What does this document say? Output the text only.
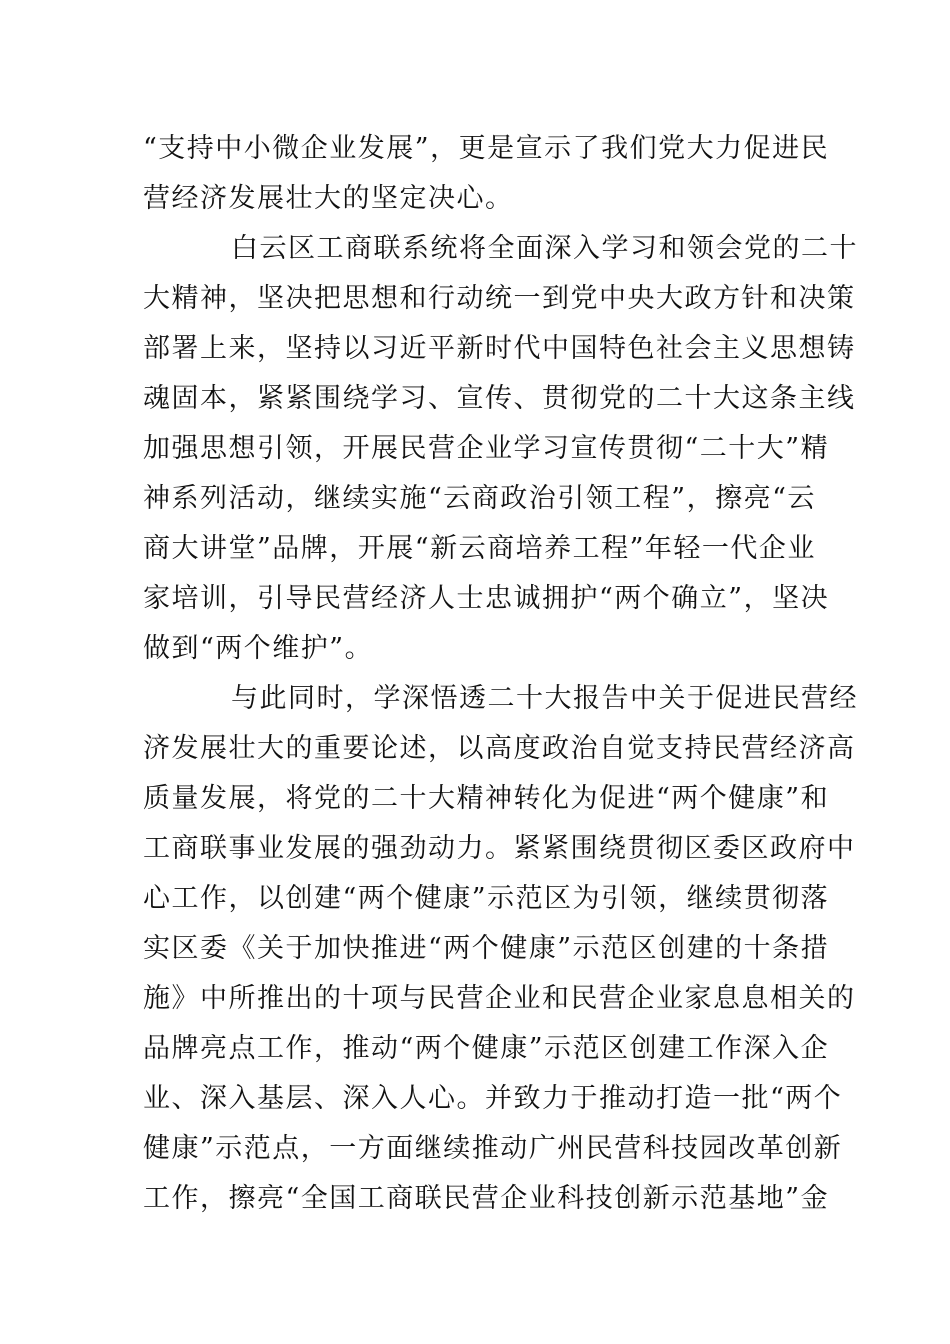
“支持中小微企业发展”，更是宣示了我们党大力促进民
营经济发展壮大的坚定决心。
白云区工商联系统将全面深入学习和领会党的二十
大精神，坚决把思想和行动统一到党中央大政方针和决策
部署上来，坚持以习近平新时代中国特色社会主义思想铸
魂固本，紧紧围绕学习、宣传、贯彻党的二十大这条主线
加强思想引领，开展民营企业学习宣传贯彻“二十大”精
神系列活动，继续实施“云商政治引领工程”，擦亮“云
商大讲堂”品牌，开展“新云商培养工程”年轻一代企业
家培训，引导民营经济人士忠诚拥护“两个确立”，坚决
做到“两个维护”。
与此同时，学深悟透二十大报告中关于促进民营经
济发展壮大的重要论述，以高度政治自觉支持民营经济高
质量发展，将党的二十大精神转化为促进“两个健康”和
工商联事业发展的强劲动力。紧紧围绕贯彻区委区政府中
心工作，以创建“两个健康”示范区为引领，继续贯彻落
实区委《关于加快推进“两个健康”示范区创建的十条措
施》中所推出的十项与民营企业和民营企业家息息相关的
品牌亮点工作，推动“两个健康”示范区创建工作深入企
业、深入基层、深入人心。并致力于推动打造一批“两个
健康”示范点，一方面继续推动广州民营科技园改革创新
工作，擦亮“全国工商联民营企业科技创新示范基地”金
